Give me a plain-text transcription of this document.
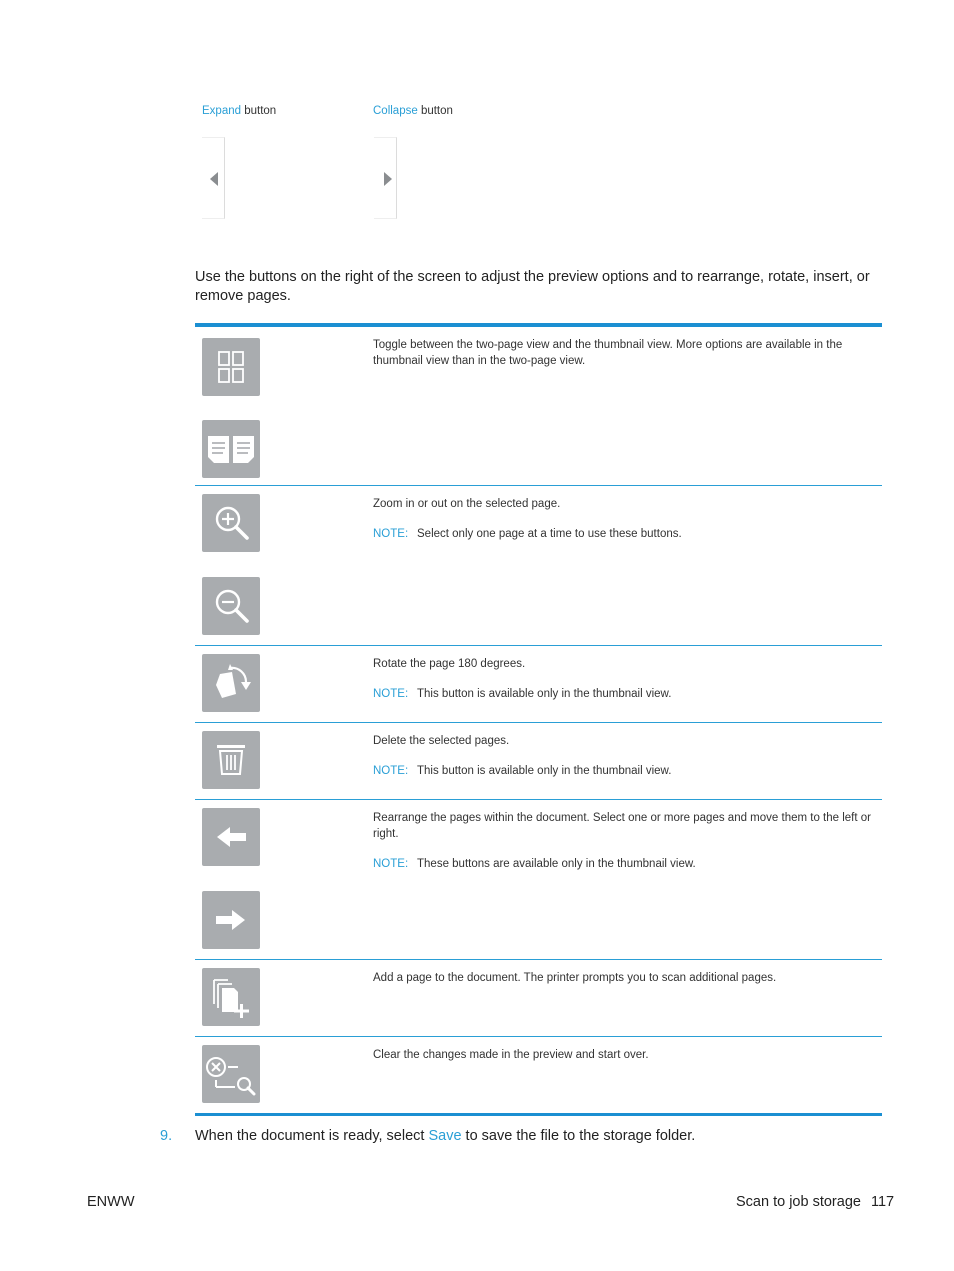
Expand button	Collapse button
Use the buttons on the right of the screen to adjust the preview options and to rearrange, rotate, insert, or remove pages.

Toggle between the two-page view and the thumbnail view. More options are available in the thumbnail view than in the two-page view.

Zoom in or out on the selected page.

NOTE: Select only one page at a time to use these buttons.

Rotate the page 180 degrees.

NOTE: This button is available only in the thumbnail view.

Delete the selected pages.

NOTE: This button is available only in the thumbnail view.

Rearrange the pages within the document. Select one or more pages and move them to the left or right.

NOTE: These buttons are available only in the thumbnail view.

Add a page to the document. The printer prompts you to scan additional pages.

Clear the changes made in the preview and start over.

9. When the document is ready, select Save to save the file to the storage folder.
ENWW	Scan to job storage 117
